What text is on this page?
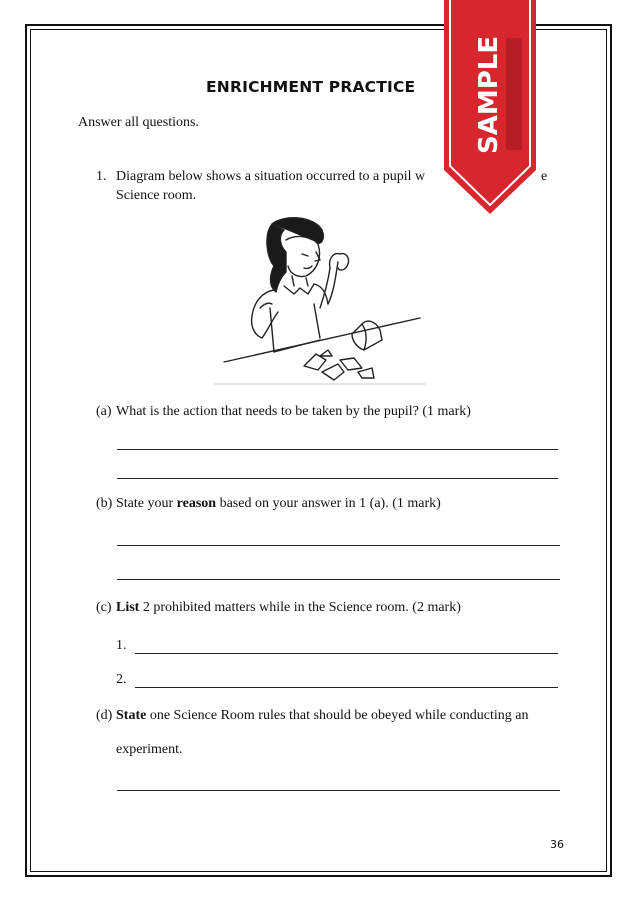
ENRICHMENT PRACTICE
Answer all questions.
1. Diagram below shows a situation occurred to a pupil w	e
Science room.
(a) What is the action that needs to be taken by the pupil? (1 mark)
(b) State your reason based on your answer in 1 (a). (1 mark)
(c) List 2 prohibited matters while in the Science room. (2 mark)
1.
2.
(d) State one Science Room rules that should be obeyed while conducting an
experiment.
SAMPLE
36
